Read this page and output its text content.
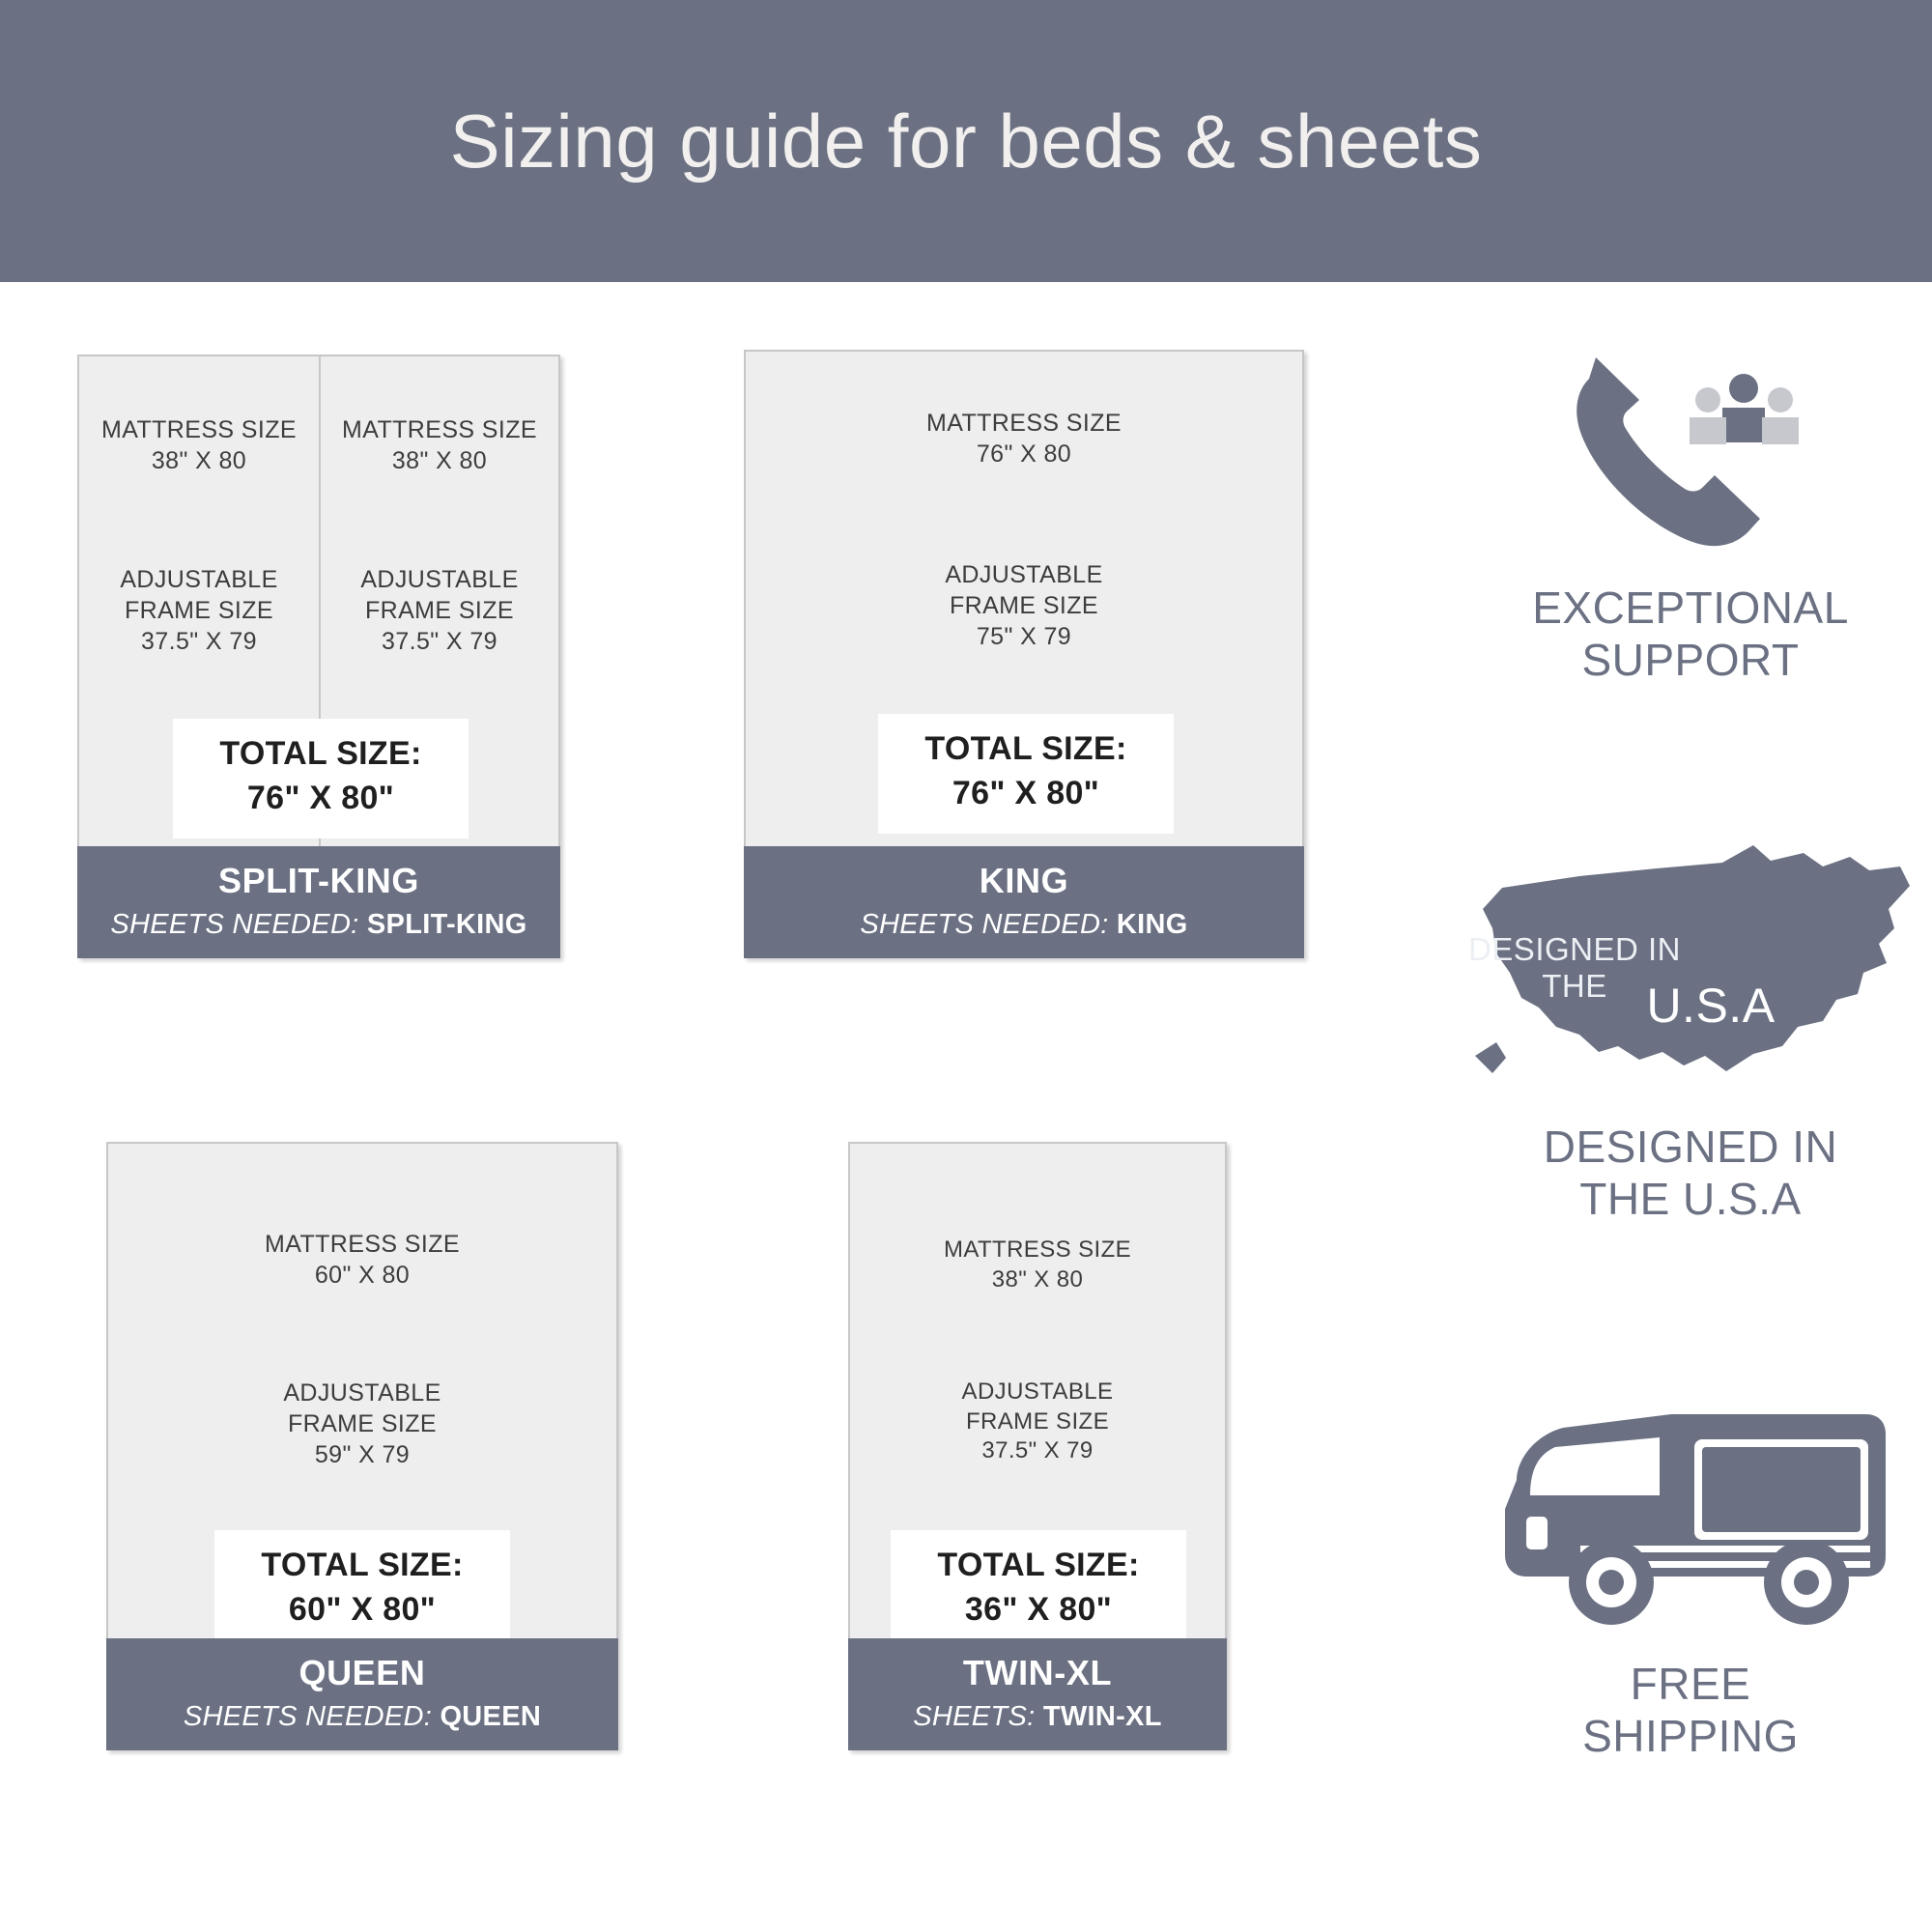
Sizing guide for beds & sheets
MATTRESS SIZE
38" X 80
ADJUSTABLE
FRAME SIZE
37.5" X 79
MATTRESS SIZE
38" X 80
ADJUSTABLE
FRAME SIZE
37.5" X 79
TOTAL SIZE:
76" X 80"
SPLIT-KING
SHEETS NEEDED: SPLIT-KING
MATTRESS SIZE
76" X 80
ADJUSTABLE
FRAME SIZE
75" X 79
TOTAL SIZE:
76" X 80"
KING
SHEETS NEEDED: KING
MATTRESS SIZE
60" X 80
ADJUSTABLE
FRAME SIZE
59" X 79
TOTAL SIZE:
60" X 80"
QUEEN
SHEETS NEEDED: QUEEN
MATTRESS SIZE
38" X 80
ADJUSTABLE
FRAME SIZE
37.5" X 79
TOTAL SIZE:
36" X 80"
TWIN-XL
SHEETS: TWIN-XL
EXCEPTIONAL
SUPPORT
DESIGNED IN
THE U.S.A
DESIGNED IN
THE U.S.A
FREE
SHIPPING
